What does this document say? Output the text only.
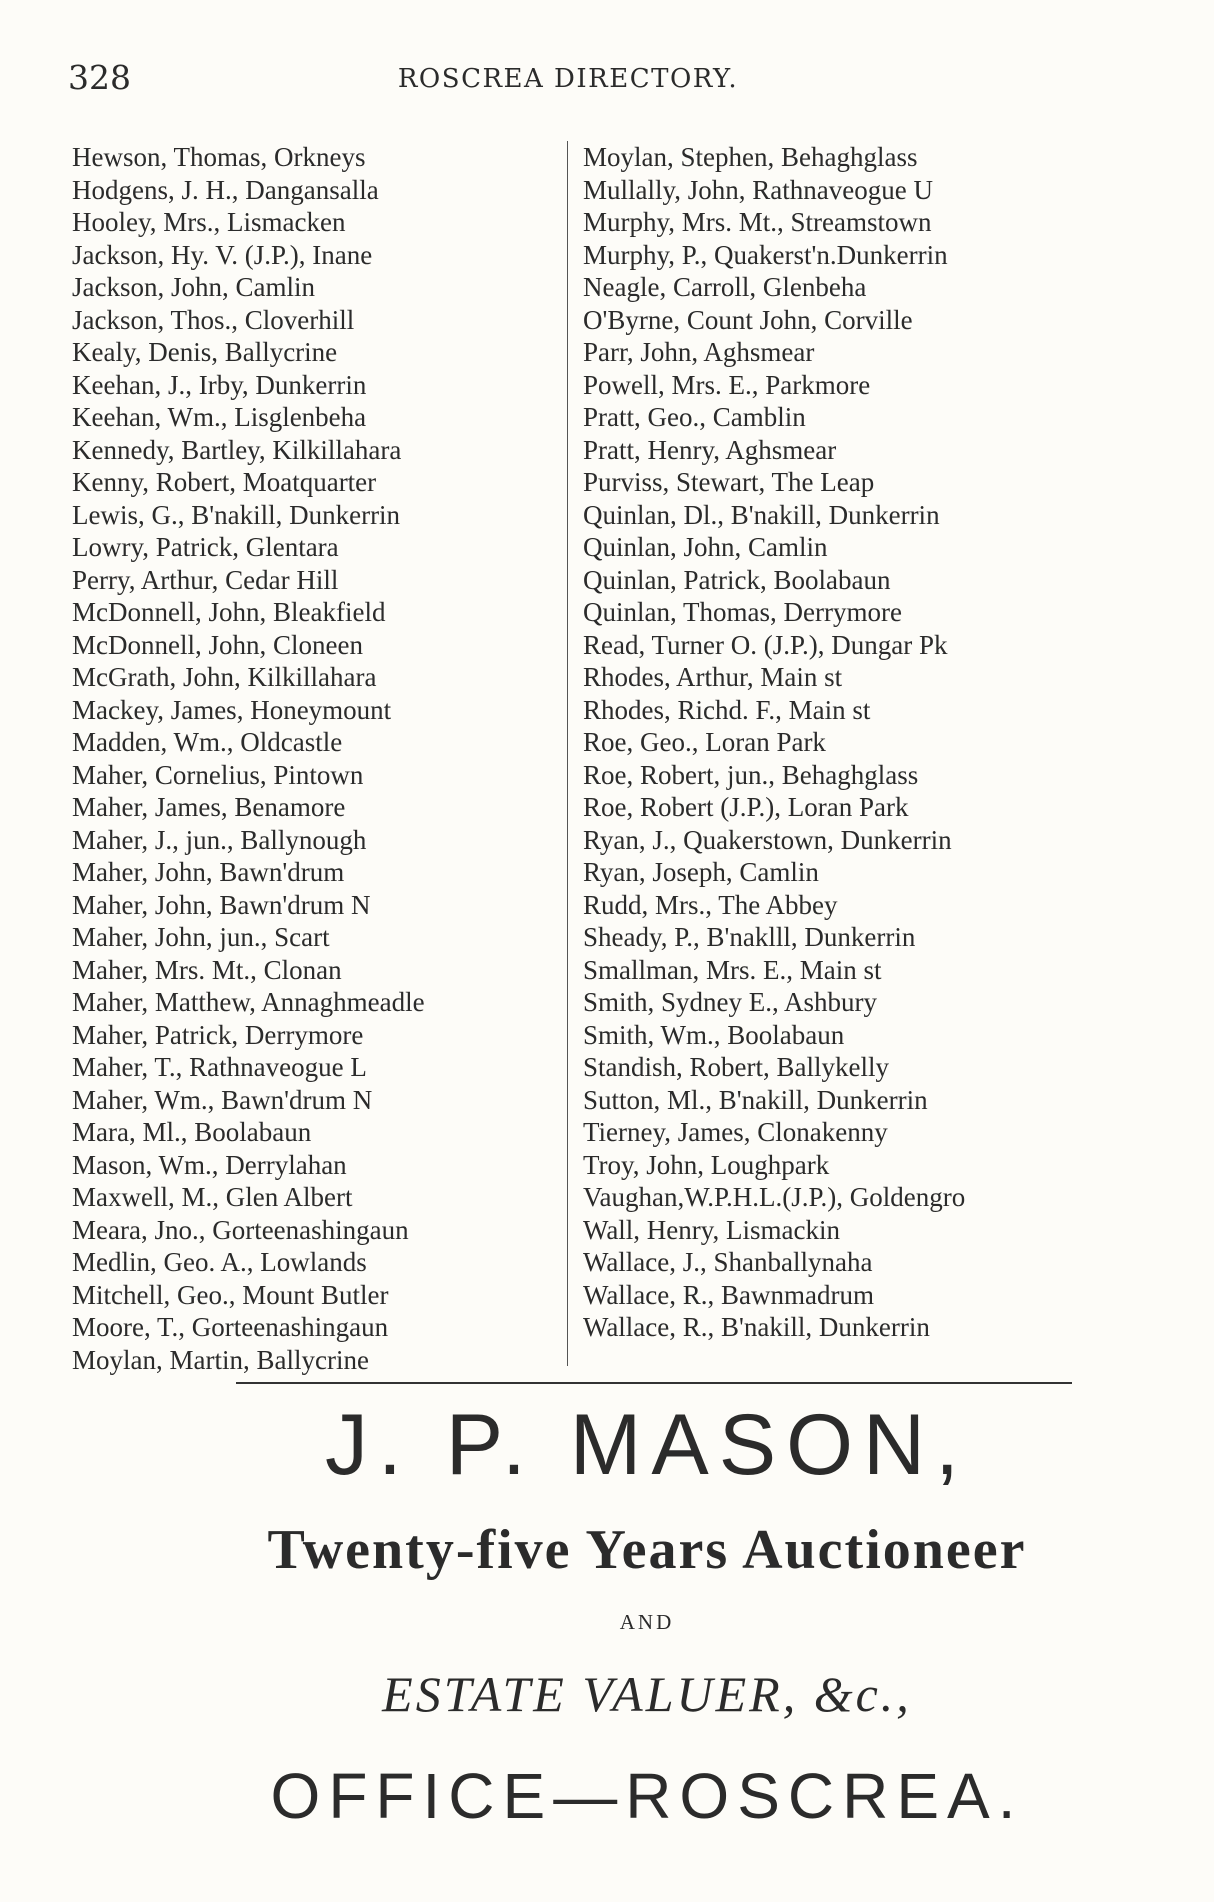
328	ROSCREA DIRECTORY.
Hewson, Thomas, Orkneys
Hodgens, J. H., Dangansalla
Hooley, Mrs., Lismacken
Jackson, Hy. V. (J.P.), Inane
Jackson, John, Camlin
Jackson, Thos., Cloverhill
Kealy, Denis, Ballycrine
Keehan, J., Irby, Dunkerrin
Keehan, Wm., Lisglenbeha
Kennedy, Bartley, Kilkillahara
Kenny, Robert, Moatquarter
Lewis, G., B'nakill, Dunkerrin
Lowry, Patrick, Glentara
Perry, Arthur, Cedar Hill
McDonnell, John, Bleakfield
McDonnell, John, Cloneen
McGrath, John, Kilkillahara
Mackey, James, Honeymount
Madden, Wm., Oldcastle
Maher, Cornelius, Pintown
Maher, James, Benamore
Maher, J., jun., Ballynough
Maher, John, Bawn'drum
Maher, John, Bawn'drum N
Maher, John, jun., Scart
Maher, Mrs. Mt., Clonan
Maher, Matthew, Annaghmeadle
Maher, Patrick, Derrymore
Maher, T., Rathnaveogue L
Maher, Wm., Bawn'drum N
Mara, Ml., Boolabaun
Mason, Wm., Derrylahan
Maxwell, M., Glen Albert
Meara, Jno., Gorteenashingaun
Medlin, Geo. A., Lowlands
Mitchell, Geo., Mount Butler
Moore, T., Gorteenashingaun
Moylan, Martin, Ballycrine
Moylan, Stephen, Behaghglass
Mullally, John, Rathnaveogue U
Murphy, Mrs. Mt., Streamstown
Murphy, P., Quakerst'n.Dunkerrin
Neagle, Carroll, Glenbeha
O'Byrne, Count John, Corville
Parr, John, Aghsmear
Powell, Mrs. E., Parkmore
Pratt, Geo., Camblin
Pratt, Henry, Aghsmear
Purviss, Stewart, The Leap
Quinlan, Dl., B'nakill, Dunkerrin
Quinlan, John, Camlin
Quinlan, Patrick, Boolabaun
Quinlan, Thomas, Derrymore
Read, Turner O. (J.P.), Dungar Pk
Rhodes, Arthur, Main st
Rhodes, Richd. F., Main st
Roe, Geo., Loran Park
Roe, Robert, jun., Behaghglass
Roe, Robert (J.P.), Loran Park
Ryan, J., Quakerstown, Dunkerrin
Ryan, Joseph, Camlin
Rudd, Mrs., The Abbey
Sheady, P., B'naklll, Dunkerrin
Smallman, Mrs. E., Main st
Smith, Sydney E., Ashbury
Smith, Wm., Boolabaun
Standish, Robert, Ballykelly
Sutton, Ml., B'nakill, Dunkerrin
Tierney, James, Clonakenny
Troy, John, Loughpark
Vaughan,W.P.H.L.(J.P.), Goldengro
Wall, Henry, Lismackin
Wallace, J., Shanballynaha
Wallace, R., Bawnmadrum
Wallace, R., B'nakill, Dunkerrin
J. P. MASON,
Twenty-five Years Auctioneer
AND
ESTATE VALUER, &c.,
OFFICE—ROSCREA.
